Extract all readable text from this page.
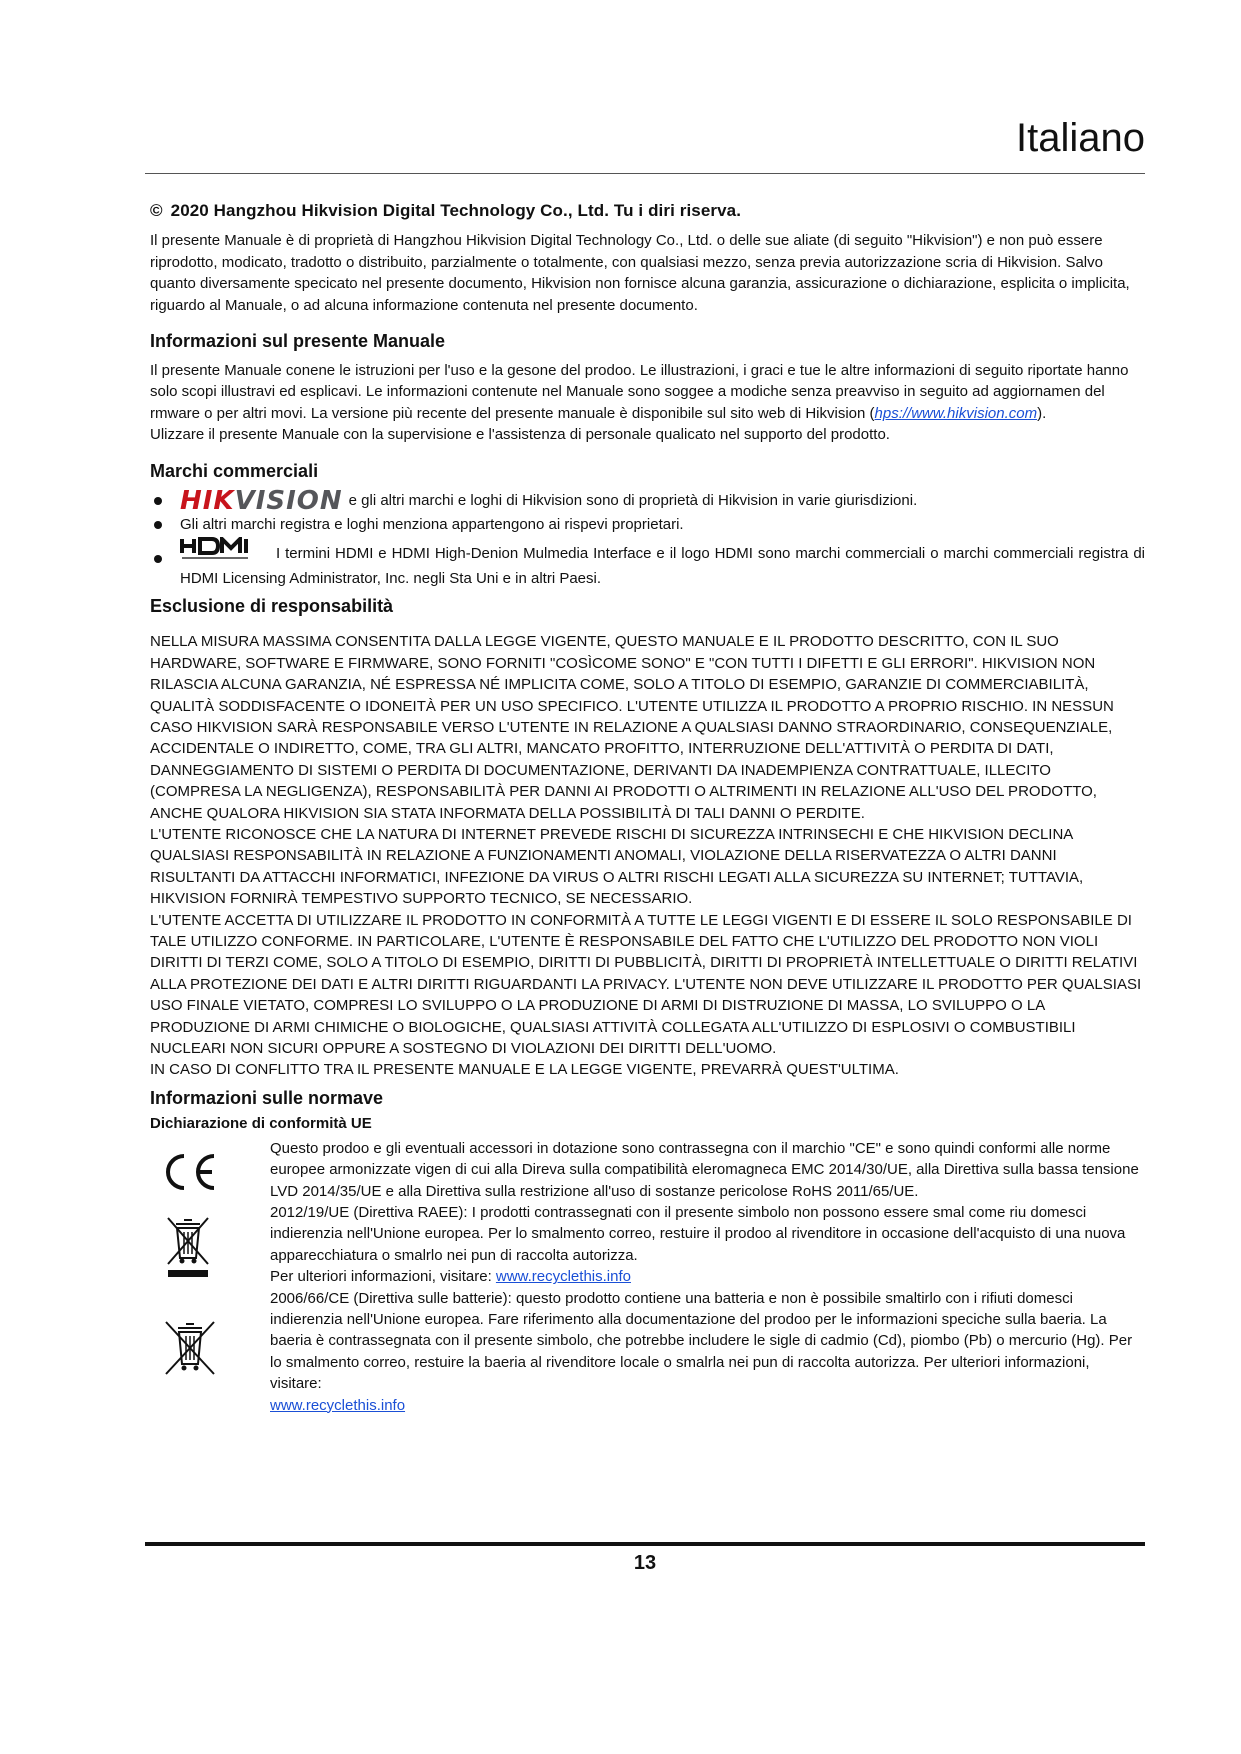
Italiano
© 2020 Hangzhou Hikvision Digital Technology Co., Ltd. Tu i diri riserva.

Il presente Manuale è di proprietà di Hangzhou Hikvision Digital Technology Co., Ltd. o delle sue aliate (di seguito "Hikvision") e non può essere riprodotto, modicato, tradotto o distribuito, parzialmente o totalmente, con qualsiasi mezzo, senza previa autorizzazione scria di Hikvision. Salvo quanto diversamente specicato nel presente documento, Hikvision non fornisce alcuna garanzia, assicurazione o dichiarazione, esplicita o implicita, riguardo al Manuale, o ad alcuna informazione contenuta nel presente documento.

Informazioni sul presente Manuale

Il presente Manuale conene le istruzioni per l'uso e la gesone del prodoo. Le illustrazioni, i graci e tue le altre informazioni di seguito riportate hanno solo scopi illustravi ed esplicavi. Le informazioni contenute nel Manuale sono soggee a modiche senza preavviso in seguito ad aggiornamen del rmware o per altri movi. La versione più recente del presente manuale è disponibile sul sito web di Hikvision (hps://www.hikvision.com).

Ulizzare il presente Manuale con la supervisione e l'assistenza di personale qualicato nel supporto del prodotto.

Marchi commerciali
HIKVISION e gli altri marchi e loghi di Hikvision sono di proprietà di Hikvision in varie giurisdizioni.
Gli altri marchi registra e loghi menziona appartengono ai rispevi proprietari.
I termini HDMI e HDMI High-Denion Mulmedia Interface e il logo HDMI sono marchi commerciali o marchi commerciali registra di HDMI Licensing Administrator, Inc. negli Sta Uni e in altri Paesi.
Esclusione di responsabilità

NELLA MISURA MASSIMA CONSENTITA DALLA LEGGE VIGENTE, QUESTO MANUALE E IL PRODOTTO DESCRITTO, CON IL SUO HARDWARE, SOFTWARE E FIRMWARE, SONO FORNITI "COSÌCOME SONO" E "CON TUTTI I DIFETTI E GLI ERRORI". HIKVISION NON RILASCIA ALCUNA GARANZIA, NÉ ESPRESSA NÉ IMPLICITA COME, SOLO A TITOLO DI ESEMPIO, GARANZIE DI COMMERCIABILITÀ, QUALITÀ SODDISFACENTE O IDONEITÀ PER UN USO SPECIFICO. L'UTENTE UTILIZZA IL PRODOTTO A PROPRIO RISCHIO. IN NESSUN CASO HIKVISION SARÀ RESPONSABILE VERSO L'UTENTE IN RELAZIONE A QUALSIASI DANNO STRAORDINARIO, CONSEQUENZIALE, ACCIDENTALE O INDIRETTO, COME, TRA GLI ALTRI, MANCATO PROFITTO, INTERRUZIONE DELL'ATTIVITÀ O PERDITA DI DATI, DANNEGGIAMENTO DI SISTEMI O PERDITA DI DOCUMENTAZIONE, DERIVANTI DA INADEMPIENZA CONTRATTUALE, ILLECITO (COMPRESA LA NEGLIGENZA), RESPONSABILITÀ PER DANNI AI PRODOTTI O ALTRIMENTI IN RELAZIONE ALL'USO DEL PRODOTTO, ANCHE QUALORA HIKVISION SIA STATA INFORMATA DELLA POSSIBILITÀ DI TALI DANNI O PERDITE.

L'UTENTE RICONOSCE CHE LA NATURA DI INTERNET PREVEDE RISCHI DI SICUREZZA INTRINSECHI E CHE HIKVISION DECLINA QUALSIASI RESPONSABILITÀ IN RELAZIONE A FUNZIONAMENTI ANOMALI, VIOLAZIONE DELLA RISERVATEZZA O ALTRI DANNI RISULTANTI DA ATTACCHI INFORMATICI, INFEZIONE DA VIRUS O ALTRI RISCHI LEGATI ALLA SICUREZZA SU INTERNET; TUTTAVIA, HIKVISION FORNIRÀ TEMPESTIVO SUPPORTO TECNICO, SE NECESSARIO.

L'UTENTE ACCETTA DI UTILIZZARE IL PRODOTTO IN CONFORMITÀ A TUTTE LE LEGGI VIGENTI E DI ESSERE IL SOLO RESPONSABILE DI TALE UTILIZZO CONFORME. IN PARTICOLARE, L'UTENTE È RESPONSABILE DEL FATTO CHE L'UTILIZZO DEL PRODOTTO NON VIOLI DIRITTI DI TERZI COME, SOLO A TITOLO DI ESEMPIO, DIRITTI DI PUBBLICITÀ, DIRITTI DI PROPRIETÀ INTELLETTUALE O DIRITTI RELATIVI ALLA PROTEZIONE DEI DATI E ALTRI DIRITTI RIGUARDANTI LA PRIVACY. L'UTENTE NON DEVE UTILIZZARE IL PRODOTTO PER QUALSIASI USO FINALE VIETATO, COMPRESI LO SVILUPPO O LA PRODUZIONE DI ARMI DI DISTRUZIONE DI MASSA, LO SVILUPPO O LA PRODUZIONE DI ARMI CHIMICHE O BIOLOGICHE, QUALSIASI ATTIVITÀ COLLEGATA ALL'UTILIZZO DI ESPLOSIVI O COMBUSTIBILI NUCLEARI NON SICURI OPPURE A SOSTEGNO DI VIOLAZIONI DEI DIRITTI DELL'UOMO.

IN CASO DI CONFLITTO TRA IL PRESENTE MANUALE E LA LEGGE VIGENTE, PREVARRÀ QUEST'ULTIMA.

Informazioni sulle normave
Dichiarazione di conformità UE

Questo prodoo e gli eventuali accessori in dotazione sono contrassegna con il marchio "CE" e sono quindi conformi alle norme europee armonizzate vigen di cui alla Direva sulla compatibilità eleromagneca EMC 2014/30/UE, alla Direttiva sulla bassa tensione LVD 2014/35/UE e alla Direttiva sulla restrizione all'uso di sostanze pericolose RoHS 2011/65/UE.

2012/19/UE (Direttiva RAEE): I prodotti contrassegnati con il presente simbolo non possono essere smal come riu domesci indierenzia nell'Unione europea. Per lo smalmento correo, restuire il prodoo al rivenditore in occasione dell'acquisto di una nuova apparecchiatura o smalrlo nei pun di raccolta autorizza.

Per ulteriori informazioni, visitare: www.recyclethis.info

2006/66/CE (Direttiva sulle batterie): questo prodotto contiene una batteria e non è possibile smaltirlo con i rifiuti domesci indierenzia nell'Unione europea. Fare riferimento alla documentazione del prodoo per le informazioni speciche sulla baeria. La baeria è contrassegnata con il presente simbolo, che potrebbe includere le sigle di cadmio (Cd), piombo (Pb) o mercurio (Hg). Per lo smalmento correo, restuire la baeria al rivenditore locale o smalrla nei pun di raccolta autorizza. Per ulteriori informazioni, visitare:

www.recyclethis.info

13
